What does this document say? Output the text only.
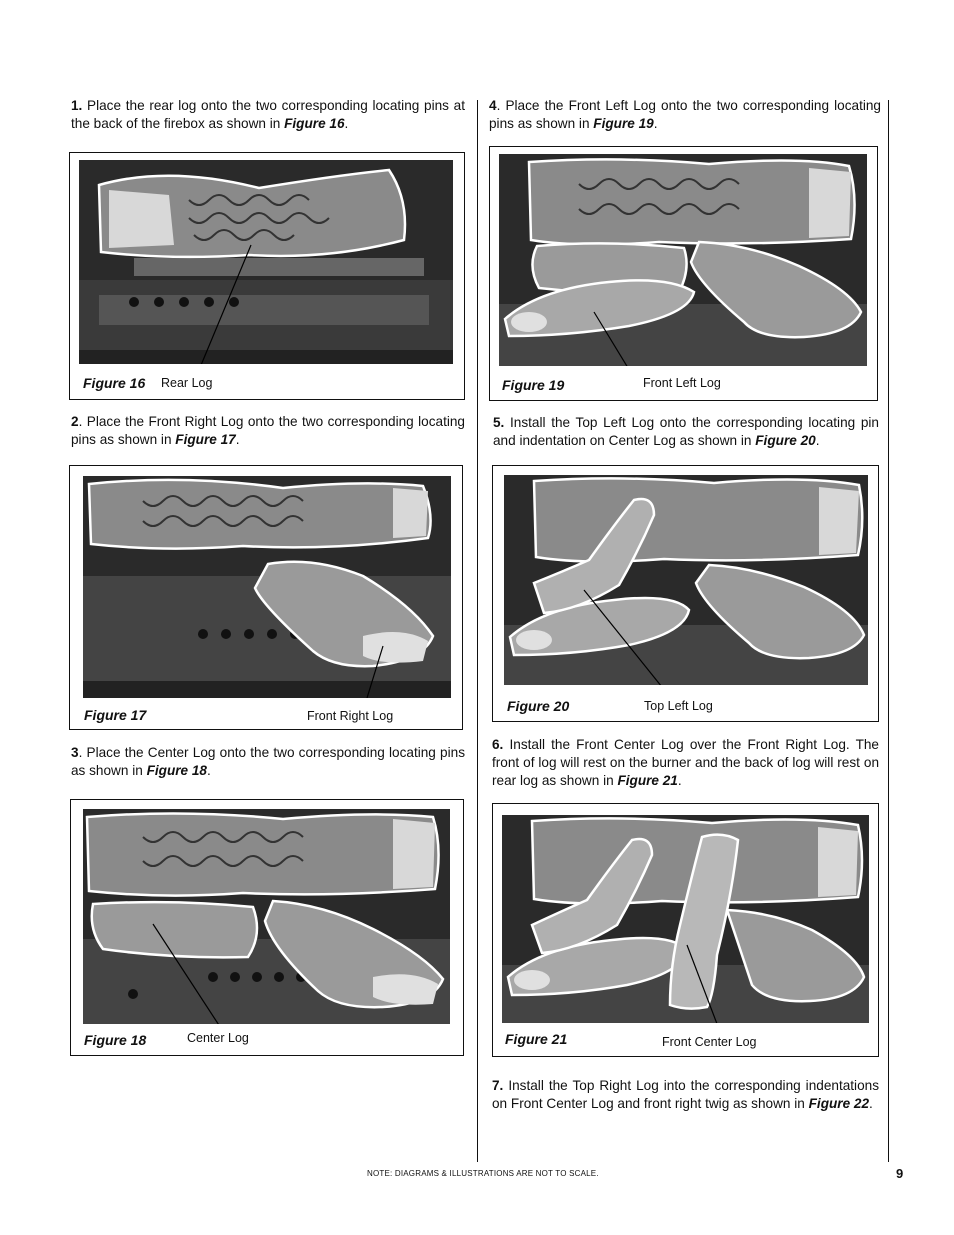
1. Place the rear log onto the two corresponding locating pins at the back of the firebox as shown in Figure 16.
Figure 16 Rear Log
2. Place the Front Right Log onto the two corresponding locating pins as shown in Figure 17.
Figure 17	Front Right Log
3. Place the Center Log onto the two corresponding locating pins as shown in Figure 18.
Figure 18	Center Log
4. Place the Front Left Log onto the two corresponding locating pins as shown in Figure 19.
Figure 19	Front Left Log
5. Install the Top Left Log onto the corresponding locating pin and indentation on Center Log as shown in Figure 20.
Figure 20	Top Left Log
6. Install the Front Center Log over the Front Right Log. The front of log will rest on the burner and the back of log will rest on rear log as shown in Figure 21.
Figure 21	Front Center Log
7. Install the Top Right Log into the corresponding indentations on Front Center Log and front right twig as shown in Figure 22.
NOTE: DIAGRAMS & ILLUSTRATIONS ARE NOT TO SCALE.	9
